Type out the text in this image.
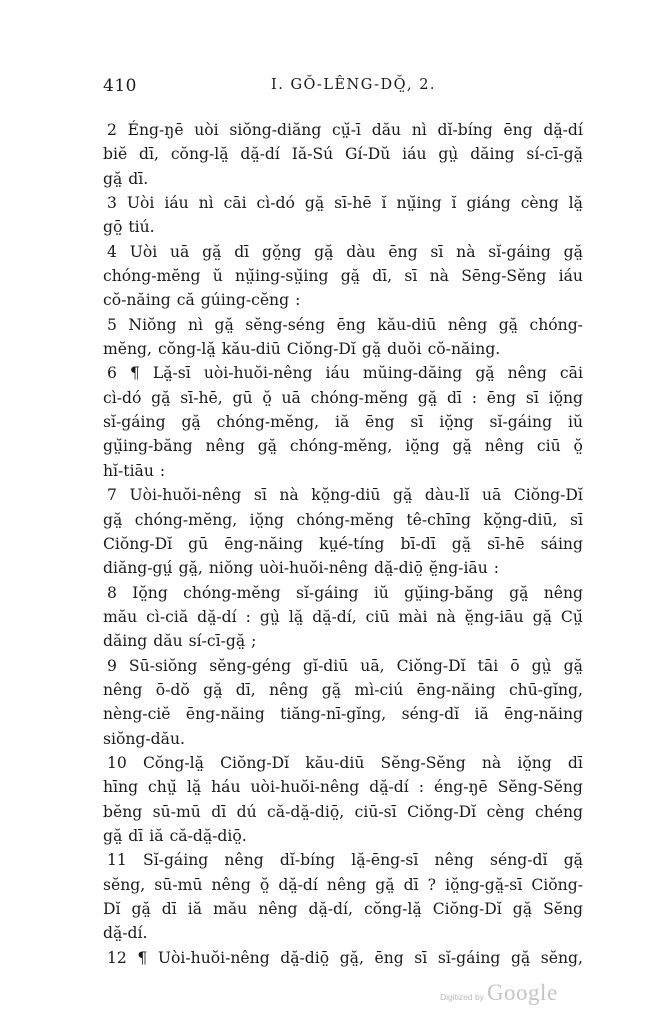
410	I. GŎ-LÊNG-DŎ̤, 2.
2 Éng-ŋē uòi siŏng-diăng cṳ̆-ī dău nì dĭ-bíng ēng dă̤-dí
biĕ dī, cŏng-lă̤ dă̤-dí Iă-Sú Gí-Dŭ iáu gṳ̀ dăing sí-cī-gă̤
gă̤ dī.
3 Uòi iáu nì cāi cì-dó gă̤ sī-hē ĭ nṳ̆ing ĭ giáng cèng lă̤
gō̤ tiú.
4 Uòi uā gă̤ dī gŏ̤ng gă̤ dàu ēng sī nà sĭ-gáing gă̤
chóng-mĕng ŭ nṳ̆ing-sṳ̆ing gă̤ dī, sī nà Sēng-Sĕng iáu
cŏ-năing că gúing-cĕng :
5 Niŏng nì gă̤ sĕng-séng ēng kău-diū nêng gă̤ chóng-
mĕng, cŏng-lă̤ kău-diū Ciŏng-Dĭ gă̤ duŏi cŏ-năing.
6 ¶ Lă̤-sī uòi-huŏi-nêng iáu mŭing-dăing gă̤ nêng cāi
cì-dó gă̤ sī-hē, gū ŏ̤ uā chóng-mĕng gă̤ dī : ēng sī iŏ̤ng
sĭ-gáing gă̤ chóng-mĕng, iă ēng sī iŏ̤ng sĭ-gáing iŭ
gṳ̆ing-băng nêng gă̤ chóng-mĕng, iŏ̤ng gă̤ nêng ciū ŏ̤
hĭ-tiāu :
7 Uòi-huŏi-nêng sī nà kŏ̤ng-diū gă̤ dàu-lĭ uā Ciŏng-Dĭ
gă̤ chóng-mĕng, iŏ̤ng chóng-mĕng tê-chīng kŏ̤ng-diū, sī
Ciŏng-Dĭ gū ēng-năing kṳé-tíng bī-dī gă̤ sī-hē sáing
diăng-gṳ́ gă̤, niŏng uòi-huŏi-nêng dă̤-diō̤ ĕ̤ng-iāu :
8 Iŏ̤ng chóng-mĕng sĭ-gáing iŭ gṳ̆ing-băng gă̤ nêng
mău cì-ciă dă̤-dí : gṳ̀ lă̤ dă̤-dí, ciū mài nà ĕ̤ng-iāu gă̤ Cṳ̆
dăing dău sí-cī-gă̤ ;
9 Sū-siŏng sĕng-géng gĭ-diū uā, Ciŏng-Dĭ tāi ō gṳ̀ gă̤
nêng ō-dŏ gă̤ dī, nêng gă̤ mì-ciú ēng-năing chū-gĭng,
nèng-ciĕ ēng-năing tiăng-nī-gĭng, séng-dĭ iă ēng-năing
siŏng-dău.
10 Cŏng-lă̤ Ciŏng-Dĭ kău-diū Sĕng-Sĕng nà iŏ̤ng dī
hīng chṳ̆ lă̤ háu uòi-huŏi-nêng dă̤-dí : éng-ŋē Sĕng-Sĕng
bĕng sū-mū dī dú că-dă̤-diō̤, ciū-sī Ciŏng-Dĭ cèng chéng
gă̤ dī iă că-dă̤-diō̤.
11 Sĭ-gáing nêng dĭ-bíng lă̤-ēng-sī nêng séng-dĭ gă̤
sĕng, sū-mū nêng ŏ̤ dă̤-dí nêng gă̤ dī ? iŏ̤ng-gă̤-sī Ciŏng-
Dĭ gă̤ dī iă mău nêng dă̤-dí, cŏng-lă̤ Ciŏng-Dĭ gă̤ Sĕng
dă̤-dí.
12 ¶ Uòi-huŏi-nêng dă̤-diō̤ gă̤, ēng sī sĭ-gáing gă̤ sĕng,
Digitized by Google
